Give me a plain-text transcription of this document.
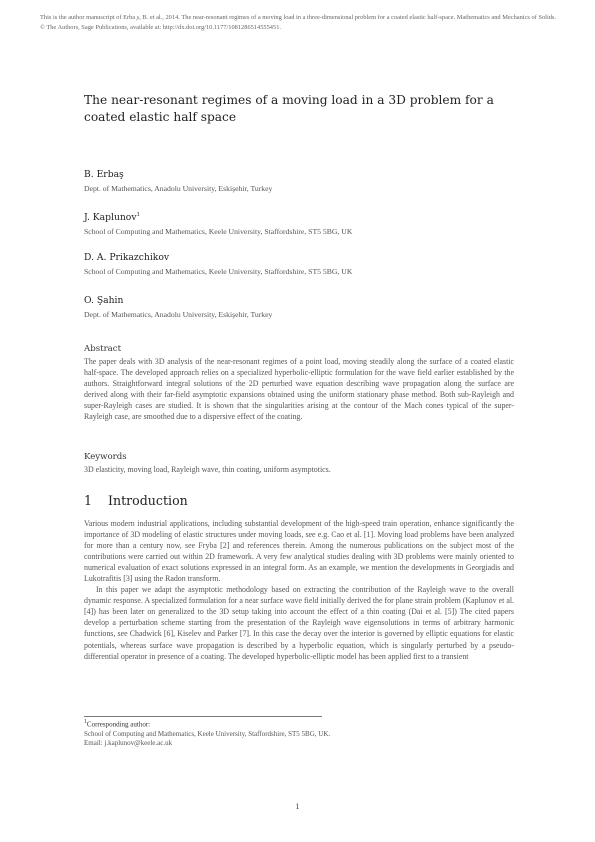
This is the author manuscript of Erba ̧s, B. et al., 2014. The near-resonant regimes of a moving load in a three-dimensional problem for a coated elastic half-space. Mathematics and Mechanics of Solids. © The Authors, Sage Publications, available at: http://dx.doi.org/10.1177/1081286514555451.
The near-resonant regimes of a moving load in a 3D problem for a coated elastic half space

B. Erbaş

Dept. of Mathematics, Anadolu University, Eskişehir, Turkey

J. Kaplunov$^1$

School of Computing and Mathematics, Keele University, Staffordshire, ST5 5BG, UK

D. A. Prikazchikov

School of Computing and Mathematics, Keele University, Staffordshire, ST5 5BG, UK

O. Şahin

Dept. of Mathematics, Anadolu University, Eskişehir, Turkey

Abstract

The paper deals with 3D analysis of the near-resonant regimes of a point load, moving steadily along the surface of a coated elastic half-space. The developed approach relies on a specialized hyperbolic-elliptic formulation for the wave field earlier established by the authors. Straightforward integral solutions of the 2D perturbed wave equation describing wave propagation along the surface are derived along with their far-field asymptotic expansions obtained using the uniform stationary phase method. Both sub-Rayleigh and super-Rayleigh cases are studied. It is shown that the singularities arising at the contour of the Mach cones typical of the super-Rayleigh case, are smoothed due to a dispersive effect of the coating.

Keywords

3D elasticity, moving load, Rayleigh wave, thin coating, uniform asymptotics.

1 Introduction

Various modern industrial applications, including substantial development of the high-speed train operation, enhance significantly the importance of 3D modeling of elastic structures under moving loads, see e.g. Cao et al. [1]. Moving load problems have been analyzed for more than a century now, see Fryba [2] and references therein. Among the numerous publications on the subject most of the contributions were carried out within 2D framework. A very few analytical studies dealing with 3D problems were mainly oriented to numerical evaluation of exact solutions expressed in an integral form. As an example, we mention the developments in Georgiadis and Lukotrafitis [3] using the Radon transform.

In this paper we adapt the asymptotic methodology based on extracting the contribution of the Rayleigh wave to the overall dynamic response. A specialized formulation for a near surface wave field initially derived the for plane strain problem (Kaplunov et al. [4]) has been later on generalized to the 3D setup taking into account the effect of a thin coating (Dai et al. [5]) The cited papers develop a perturbation scheme starting from the presentation of the Rayleigh wave eigensolutions in terms of arbitrary harmonic functions, see Chadwick [6], Kiselev and Parker [7]. In this case the decay over the interior is governed by elliptic equations for elastic potentials, whereas surface wave propagation is described by a hyperbolic equation, which is singularly perturbed by a pseudo-differential operator in presence of a coating. The developed hyperbolic-elliptic model has been applied first to a transient

$^1$Corresponding author:
School of Computing and Mathematics, Keele University, Staffordshire, ST5 5BG, UK.
Email: j.kaplunov@keele.ac.uk
1
